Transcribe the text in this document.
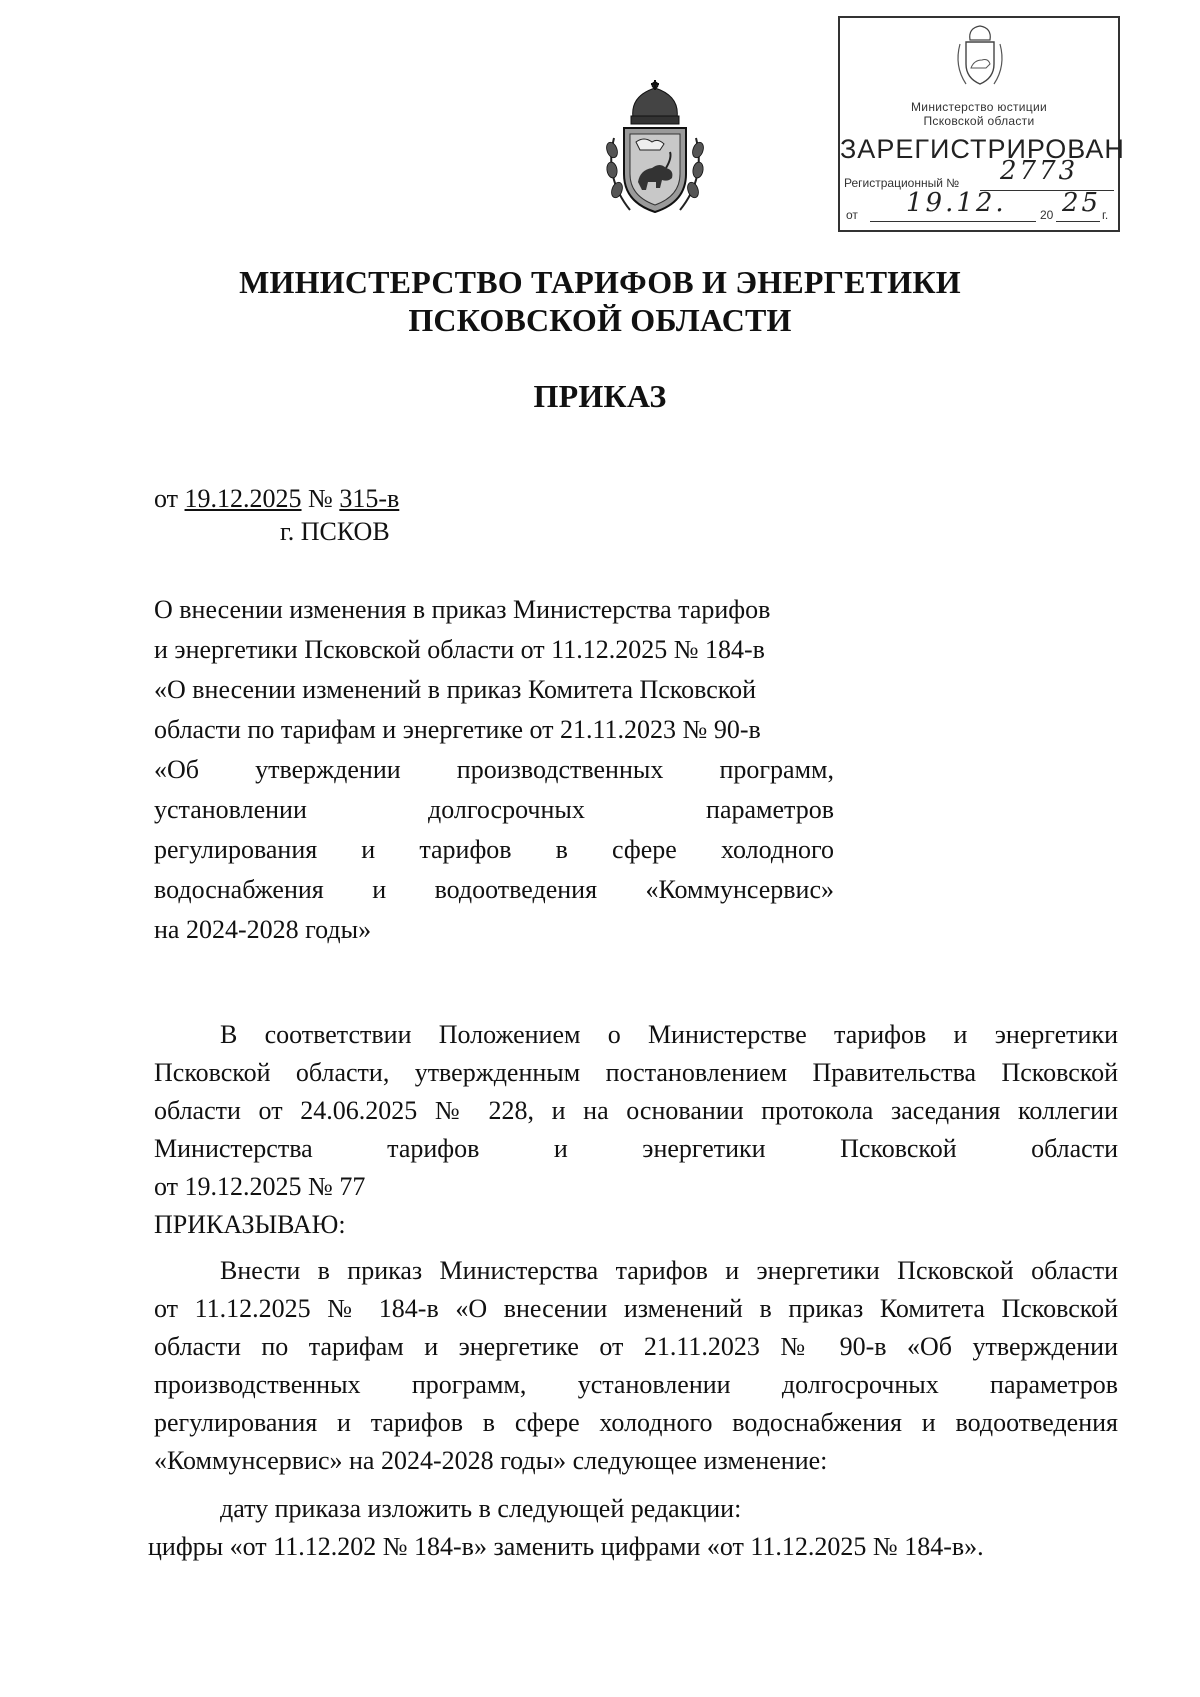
Министерство юстиции
Псковской области
ЗАРЕГИСТРИРОВАН
Регистрационный № 2773
от 19.12.	20 25 г.
МИНИСТЕРСТВО ТАРИФОВ И ЭНЕРГЕТИКИ
ПСКОВСКОЙ ОБЛАСТИ
ПРИКАЗ
от 19.12.2025 № 315-в
г. ПСКОВ
О внесении изменения в приказ Министерства тарифов
и энергетики Псковской области от 11.12.2025 № 184-в
«О внесении изменений в приказ Комитета Псковской
области по тарифам и энергетике от 21.11.2023 № 90-в
«Об утверждении производственных программ,
установлении долгосрочных параметров
регулирования и тарифов в сфере холодного
водоснабжения и водоотведения «Коммунсервис»
на 2024-2028 годы»
В соответствии Положением о Министерстве тарифов и энергетики
Псковской области, утвержденным постановлением Правительства Псковской
области от 24.06.2025 № 228, и на основании протокола заседания коллегии
Министерства тарифов и энергетики Псковской области
от 19.12.2025 № 77
ПРИКАЗЫВАЮ:
Внести в приказ Министерства тарифов и энергетики Псковской области
от 11.12.2025 № 184-в «О внесении изменений в приказ Комитета Псковской
области по тарифам и энергетике от 21.11.2023 № 90-в «Об утверждении
производственных программ, установлении долгосрочных параметров
регулирования и тарифов в сфере холодного водоснабжения и водоотведения
«Коммунсервис» на 2024-2028 годы» следующее изменение:
дату приказа изложить в следующей редакции:
цифры «от 11.12.202 № 184-в» заменить цифрами «от 11.12.2025 № 184-в».
